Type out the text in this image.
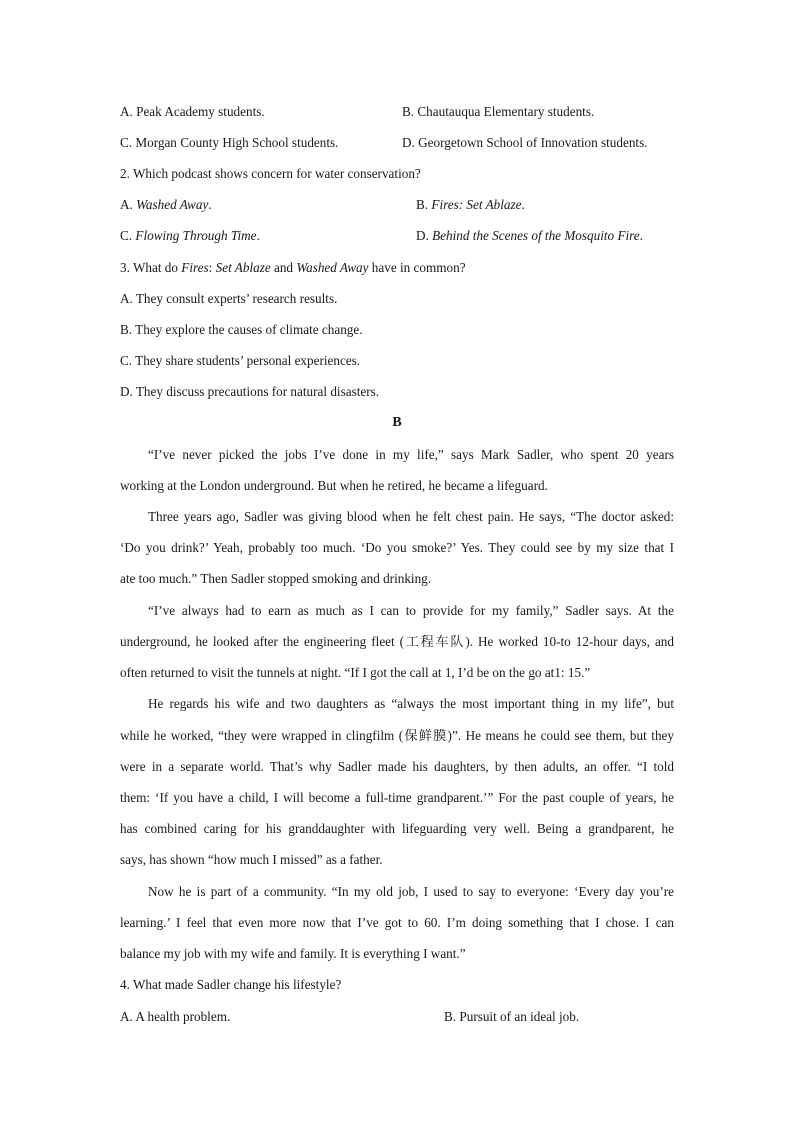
A. Peak Academy students.	B. Chautauqua Elementary students.
C. Morgan County High School students.	D. Georgetown School of Innovation students.
2. Which podcast shows concern for water conservation?
A. Washed Away.	B. Fires: Set Ablaze.
C. Flowing Through Time.	D. Behind the Scenes of the Mosquito Fire.
3. What do Fires: Set Ablaze and Washed Away have in common?
A. They consult experts’ research results.
B. They explore the causes of climate change.
C. They share students’ personal experiences.
D. They discuss precautions for natural disasters.
B
“I’ve never picked the jobs I’ve done in my life,” says Mark Sadler, who spent 20 years
working at the London underground. But when he retired, he became a lifeguard.
Three years ago, Sadler was giving blood when he felt chest pain. He says, “The doctor asked:
‘Do you drink?’ Yeah, probably too much. ‘Do you smoke?’ Yes. They could see by my size that I
ate too much.” Then Sadler stopped smoking and drinking.
“I’ve always had to earn as much as I can to provide for my family,” Sadler says. At the
underground, he looked after the engineering fleet (工程车队). He worked 10-to 12-hour days, and
often returned to visit the tunnels at night. “If I got the call at 1, I’d be on the go at1: 15.”
He regards his wife and two daughters as “always the most important thing in my life”, but
while he worked, “they were wrapped in clingfilm (保鲜膜)”. He means he could see them, but they
were in a separate world. That’s why Sadler made his daughters, by then adults, an offer. “I told
them: ‘If you have a child, I will become a full-time grandparent.’” For the past couple of years, he
has combined caring for his granddaughter with lifeguarding very well. Being a grandparent, he
says, has shown “how much I missed” as a father.
Now he is part of a community. “In my old job, I used to say to everyone: ‘Every day you’re
learning.’ I feel that even more now that I’ve got to 60. I’m doing something that I chose. I can
balance my job with my wife and family. It is everything I want.”
4. What made Sadler change his lifestyle?
A. A health problem.	B. Pursuit of an ideal job.
